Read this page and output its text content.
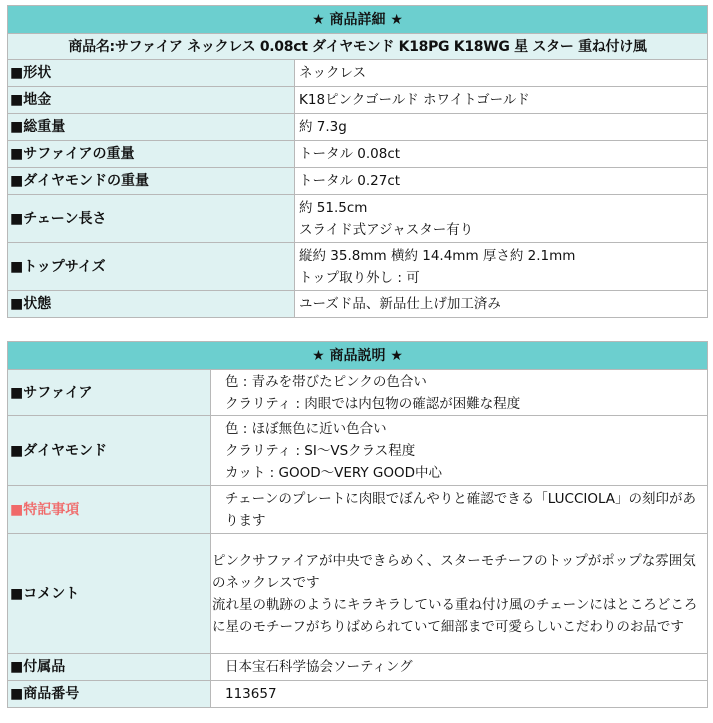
★ 商品詳細 ★	
商品名:サファイア ネックレス 0.08ct ダイヤモンド K18PG K18WG 星 スター 重ね付け風	
■形状	ネックレス

■地金	K18ピンクゴールド ホワイトゴールド

■総重量	約 7.3g

■サファイアの重量	トータル 0.08ct

■ダイヤモンドの重量	トータル 0.27ct

■チェーン長さ	約 51.5cm
スライド式アジャスター有り

■トップサイズ	縦約 35.8mm 横約 14.4mm 厚さ約 2.1mm
トップ取り外し : 可

■状態	ユーズド品、新品仕上げ加工済み
★ 商品説明 ★	
■サファイア	色 : 青みを帯びたピンクの色合い
クラリティ : 肉眼では内包物の確認が困難な程度

■ダイヤモンド	色 : ほぼ無色に近い色合い
クラリティ : SI〜VSクラス程度
カット : GOOD〜VERY GOOD中心

■特記事項	チェーンのプレートに肉眼でぼんやりと確認できる「LUCCIOLA」の刻印があります
■コメント	ピンクサファイアが中央できらめく、スターモチーフのトップがポップな雰囲気のネックレスです
流れ星の軌跡のようにキラキラしている重ね付け風のチェーンにはところどころに星のモチーフがちりばめられていて細部まで可愛らしいこだわりのお品です

■付属品	日本宝石科学協会ソーティング
■商品番号	113657
